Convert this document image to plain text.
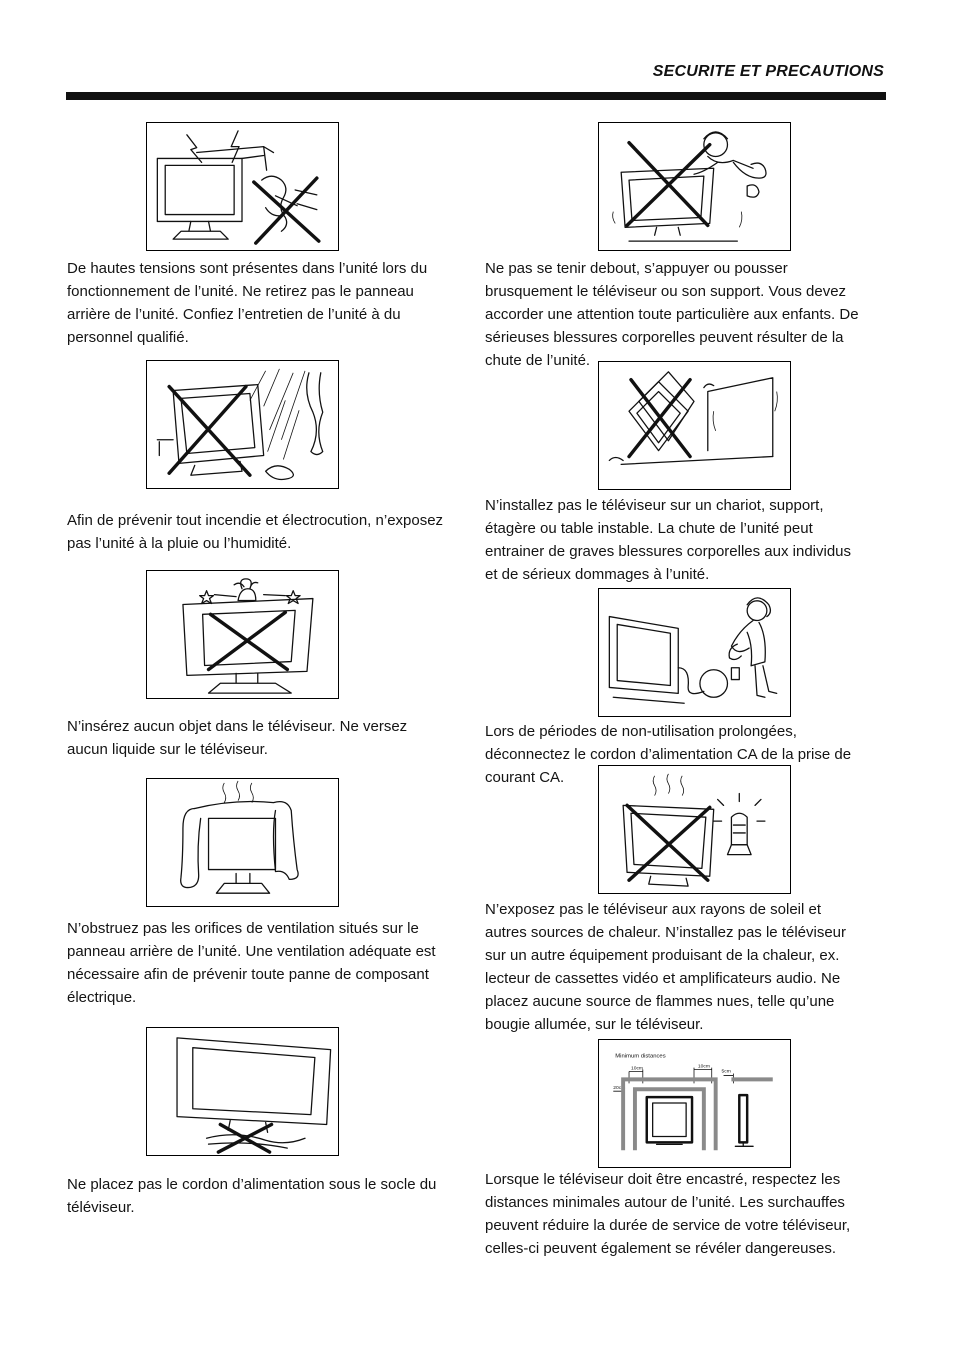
SECURITE ET PRECAUTIONS
De hautes tensions sont présentes dans l’unité lors du
fonctionnement de l’unité. Ne retirez pas le panneau
arrière de l’unité. Confiez l’entretien de l’unité à du
personnel qualifié.
Afin de prévenir tout incendie et électrocution, n’exposez
pas l’unité à la pluie ou l’humidité.
N’insérez aucun objet dans le téléviseur. Ne versez
aucun liquide sur le téléviseur.
N’obstruez pas les orifices de ventilation situés sur le
panneau arrière de l’unité. Une ventilation adéquate est
nécessaire afin de prévenir toute panne de composant
électrique.
Ne placez pas le cordon d’alimentation sous le socle du
téléviseur.
Ne pas se tenir debout, s’appuyer ou pousser
brusquement le téléviseur ou son support. Vous devez
accorder une attention toute particulière aux enfants. De
sérieuses blessures corporelles peuvent résulter de la
chute de l’unité.
N’installez pas le téléviseur sur un chariot, support,
étagère ou table instable. La chute de l’unité peut
entrainer de graves blessures corporelles aux individus
et de sérieux dommages à l’unité.
Lors de périodes de non-utilisation prolongées,
déconnectez le cordon d’alimentation CA de la prise de
courant CA.
N’exposez pas le téléviseur aux rayons de soleil et
autres sources de chaleur. N’installez pas le téléviseur
sur un autre équipement produisant de la chaleur, ex.
lecteur de cassettes vidéo et amplificateurs audio. Ne
placez aucune source de flammes nues, telle qu’une
bougie allumée, sur le téléviseur.
Minimum distances
10cm	10cm
5cm
20cm
Lorsque le téléviseur doit être encastré, respectez les
distances minimales autour de l’unité. Les surchauffes
peuvent réduire la durée de service de votre téléviseur,
celles-ci peuvent également se révéler dangereuses.
